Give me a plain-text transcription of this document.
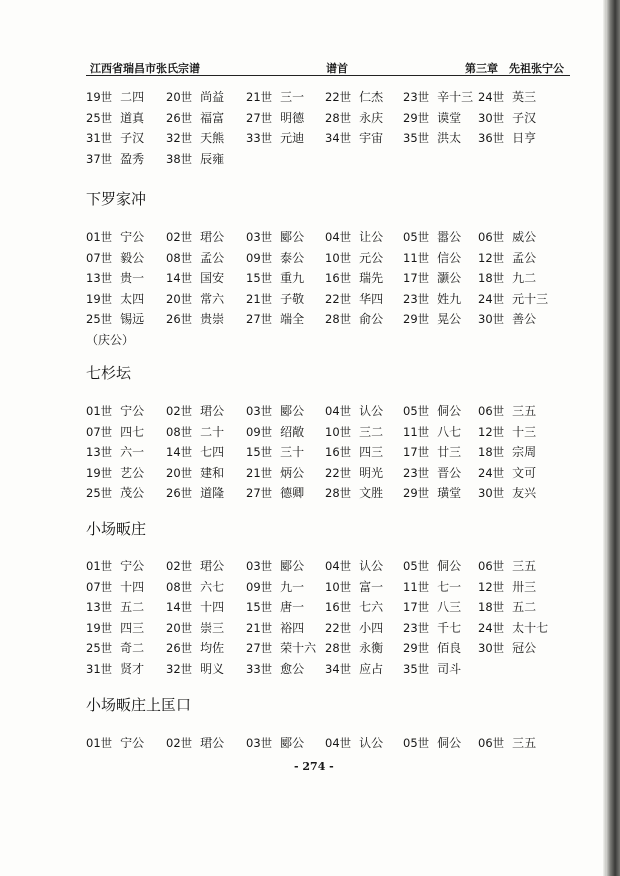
江西省瑞昌市张氏宗谱	谱首	第三章　先祖张宁公
19世 二四 20世 尚益 21世 三一 22世 仁杰 23世 辛十三 24世 英三
25世 道真 26世 福富 27世 明德 28世 永庆 29世 谟堂 30世 子汉
31世 子汉 32世 天熊 33世 元迪 34世 宇宙 35世 洪太 36世 日亨
37世 盈秀 38世 辰雍
下罗家冲
01世 宁公 02世 珺公 03世 郾公 04世 让公 05世 嚣公 06世 威公
07世 毅公 08世 孟公 09世 泰公 10世 元公 11世 信公 12世 孟公
13世 贵一 14世 国安 15世 重九 16世 瑞先 17世 灏公 18世 九二
19世 太四 20世 常六 21世 子敬 22世 华四 23世 姓九 24世 元十三
25世 锡远 26世 贵崇 27世 端全 28世 俞公 29世 晃公 30世 善公
（庆公）
七杉坛
01世 宁公 02世 珺公 03世 郾公 04世 认公 05世 侗公 06世 三五
07世 四七 08世 二十 09世 绍敞 10世 三二 11世 八七 12世 十三
13世 六一 14世 七四 15世 三十 16世 四三 17世 廿三 18世 宗周
19世 艺公 20世 建和 21世 炳公 22世 明光 23世 晋公 24世 文可
25世 茂公 26世 道隆 27世 德卿 28世 文胜 29世 璜堂 30世 友兴
小场畈庄
01世 宁公 02世 珺公 03世 郾公 04世 认公 05世 侗公 06世 三五
07世 十四 08世 六七 09世 九一 10世 富一 11世 七一 12世 卅三
13世 五二 14世 十四 15世 唐一 16世 七六 17世 八三 18世 五二
19世 四三 20世 崇三 21世 裕四 22世 小四 23世 千七 24世 太十七
25世 奇二 26世 均佐 27世 荣十六 28世 永衡 29世 佰良 30世 冠公
31世 贤才 32世 明义 33世 愈公 34世 应占 35世 司斗
小场畈庄上匡口
01世 宁公 02世 珺公 03世 郾公 04世 认公 05世 侗公 06世 三五
- 274 -
